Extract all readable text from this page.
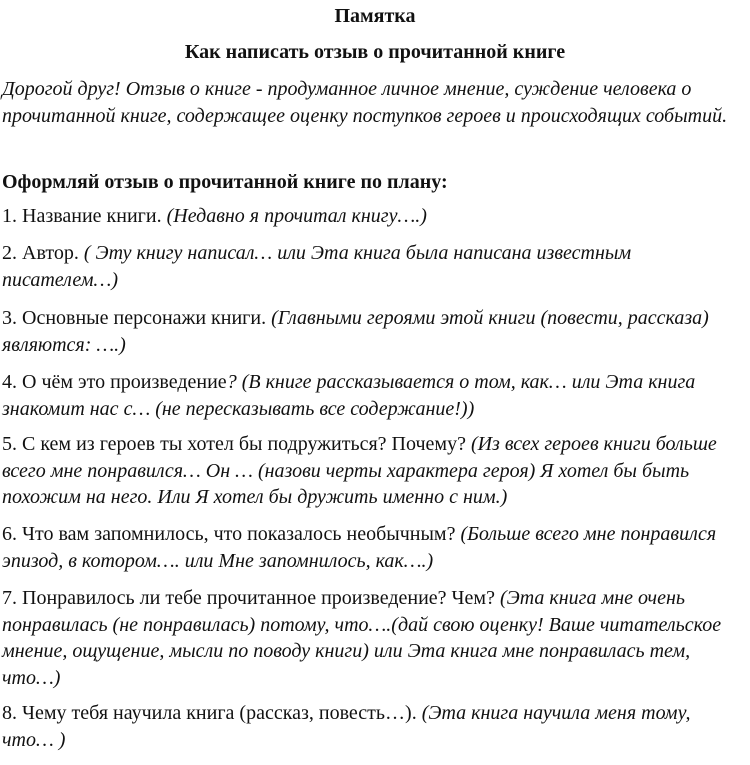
Памятка
Как написать отзыв о прочитанной книге
Дорогой друг! Отзыв о книге - продуманное личное мнение, суждение человека о прочитанной книге, содержащее оценку поступков героев и происходящих событий.
Оформляй отзыв о прочитанной книге по плану:
1. Название книги. (Недавно я прочитал книгу….)
2. Автор. ( Эту книгу написал… или Эта книга была написана известным писателем…)
3. Основные персонажи книги. (Главными героями этой книги (повести, рассказа) являются: ….)
4. О чём это произведение? (В книге рассказывается о том, как… или Эта книга знакомит нас с… (не пересказывать все содержание!))
5. С кем из героев ты хотел бы подружиться? Почему? (Из всех героев книги больше всего мне понравился… Он … (назови черты характера героя) Я хотел бы быть похожим на него. Или Я хотел бы дружить именно с ним.)
6. Что вам запомнилось, что показалось необычным? (Больше всего мне понравился эпизод, в котором…. или Мне запомнилось, как….)
7. Понравилось ли тебе прочитанное произведение? Чем? (Эта книга мне очень понравилась (не понравилась) потому, что….(дай свою оценку! Ваше читательское мнение, ощущение, мысли по поводу книги) или Эта книга мне понравилась тем, что…)
8. Чему тебя научила книга (рассказ, повесть…). (Эта книга научила меня тому, что… )
